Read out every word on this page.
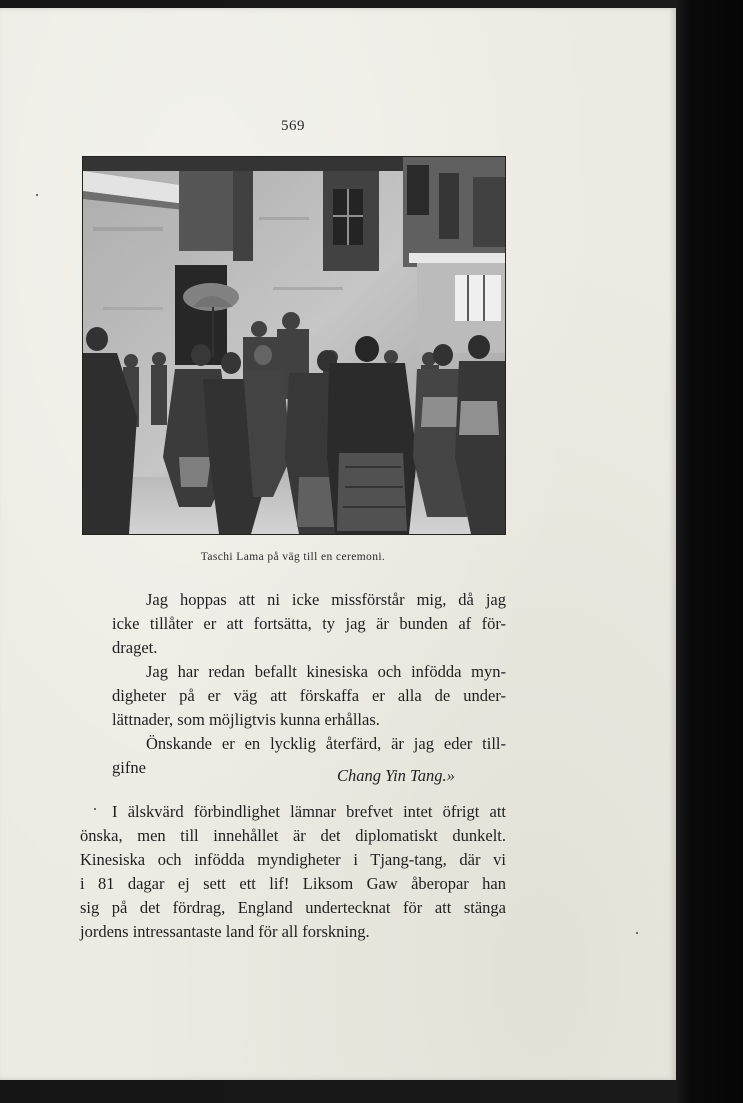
569
Taschi Lama på väg till en ceremoni.
Jag hoppas att ni icke missförstår mig, då jag
icke tillåter er att fortsätta, ty jag är bunden af för-
draget.
Jag har redan befallt kinesiska och infödda myn-
digheter på er väg att förskaffa er alla de under-
lättnader, som möjligtvis kunna erhållas.
Önskande er en lycklig återfärd, är jag eder till-
gifne	Chang Yin Tang.»
I älskvärd förbindlighet lämnar brefvet intet öfrigt att
önska, men till innehållet är det diplomatiskt dunkelt.
Kinesiska och infödda myndigheter i Tjang-tang, där vi
i 81 dagar ej sett ett lif! Liksom Gaw åberopar han
sig på det fördrag, England undertecknat för att stänga
jordens intressantaste land för all forskning.
